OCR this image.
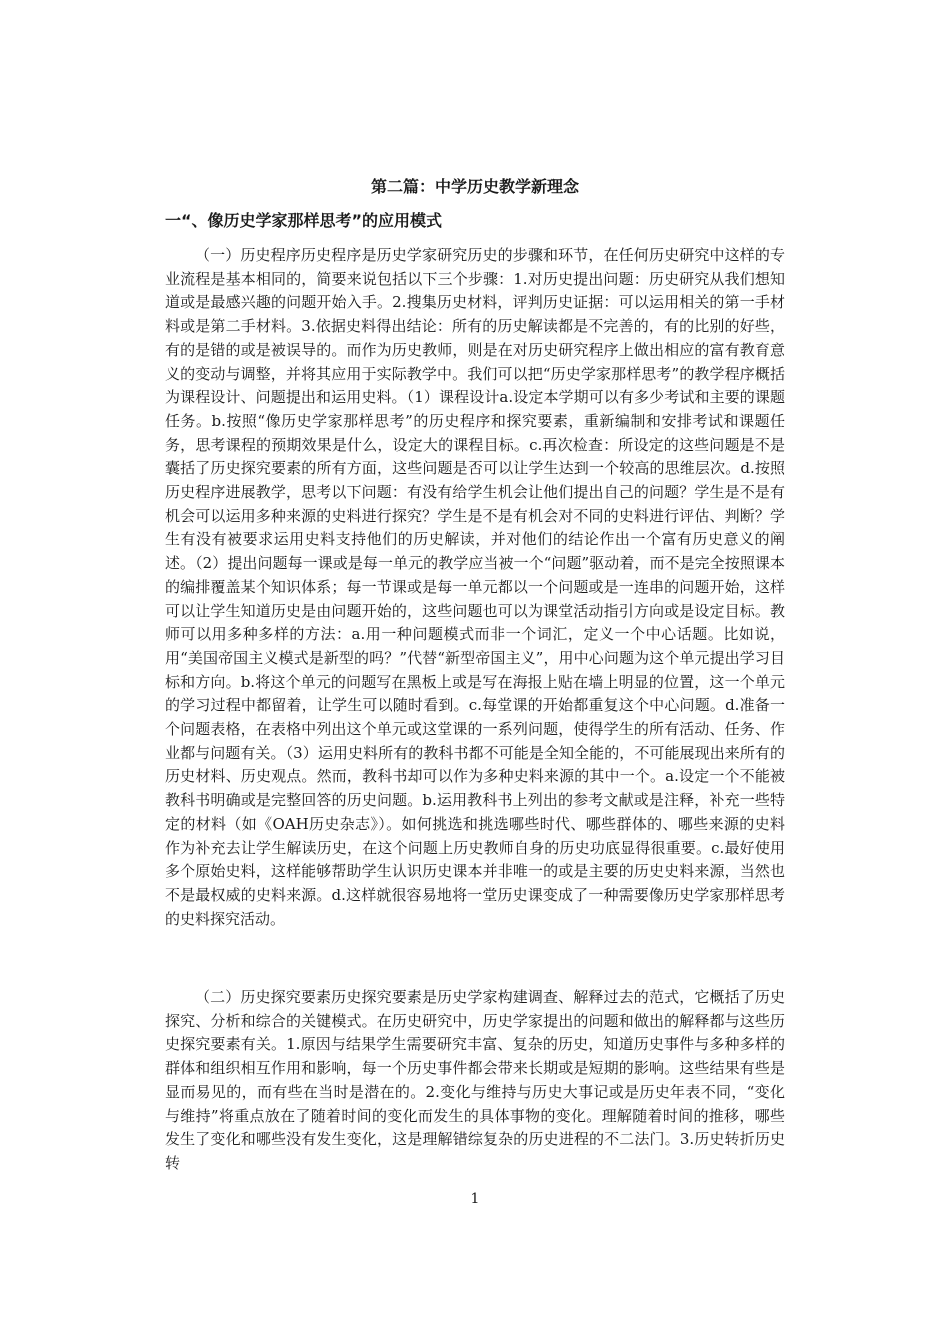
第二篇：中学历史教学新理念
一“、像历史学家那样思考”的应用模式

（一）历史程序历史程序是历史学家研究历史的步骤和环节，在任何历史研究中这样的专业流程是基本相同的，简要来说包括以下三个步骤：1.对历史提出问题：历史研究从我们想知道或是最感兴趣的问题开始入手。2.搜集历史材料，评判历史证据：可以运用相关的第一手材料或是第二手材料。3.依据史料得出结论：所有的历史解读都是不完善的，有的比别的好些，有的是错的或是被误导的。而作为历史教师，则是在对历史研究程序上做出相应的富有教育意义的变动与调整，并将其应用于实际教学中。我们可以把“历史学家那样思考”的教学程序概括为课程设计、问题提出和运用史料。（1）课程设计a.设定本学期可以有多少考试和主要的课题任务。b.按照“像历史学家那样思考”的历史程序和探究要素，重新编制和安排考试和课题任务，思考课程的预期效果是什么，设定大的课程目标。c.再次检查：所设定的这些问题是不是囊括了历史探究要素的所有方面，这些问题是否可以让学生达到一个较高的思维层次。d.按照历史程序进展教学，思考以下问题：有没有给学生机会让他们提出自己的问题？学生是不是有机会可以运用多种来源的史料进行探究？学生是不是有机会对不同的史料进行评估、判断？学生有没有被要求运用史料支持他们的历史解读，并对他们的结论作出一个富有历史意义的阐述。（2）提出问题每一课或是每一单元的教学应当被一个“问题”驱动着，而不是完全按照课本的编排覆盖某个知识体系；每一节课或是每一单元都以一个问题或是一连串的问题开始，这样可以让学生知道历史是由问题开始的，这些问题也可以为课堂活动指引方向或是设定目标。教师可以用多种多样的方法：a.用一种问题模式而非一个词汇，定义一个中心话题。比如说，用“美国帝国主义模式是新型的吗？”代替“新型帝国主义”，用中心问题为这个单元提出学习目标和方向。b.将这个单元的问题写在黑板上或是写在海报上贴在墙上明显的位置，这一个单元的学习过程中都留着，让学生可以随时看到。c.每堂课的开始都重复这个中心问题。d.准备一个问题表格，在表格中列出这个单元或这堂课的一系列问题，使得学生的所有活动、任务、作业都与问题有关。（3）运用史料所有的教科书都不可能是全知全能的，不可能展现出来所有的历史材料、历史观点。然而，教科书却可以作为多种史料来源的其中一个。a.设定一个不能被教科书明确或是完整回答的历史问题。b.运用教科书上列出的参考文献或是注释，补充一些特定的材料（如《OAH历史杂志》）。如何挑选和挑选哪些时代、哪些群体的、哪些来源的史料作为补充去让学生解读历史，在这个问题上历史教师自身的历史功底显得很重要。c.最好使用多个原始史料，这样能够帮助学生认识历史课本并非唯一的或是主要的历史史料来源，当然也不是最权威的史料来源。d.这样就很容易地将一堂历史课变成了一种需要像历史学家那样思考的史料探究活动。

（二）历史探究要素历史探究要素是历史学家构建调查、解释过去的范式，它概括了历史探究、分析和综合的关键模式。在历史研究中，历史学家提出的问题和做出的解释都与这些历史探究要素有关。1.原因与结果学生需要研究丰富、复杂的历史，知道历史事件与多种多样的群体和组织相互作用和影响，每一个历史事件都会带来长期或是短期的影响。这些结果有些是显而易见的，而有些在当时是潜在的。2.变化与维持与历史大事记或是历史年表不同，“变化与维持”将重点放在了随着时间的变化而发生的具体事物的变化。理解随着时间的推移，哪些发生了变化和哪些没有发生变化，这是理解错综复杂的历史进程的不二法门。3.历史转折历史转

1
